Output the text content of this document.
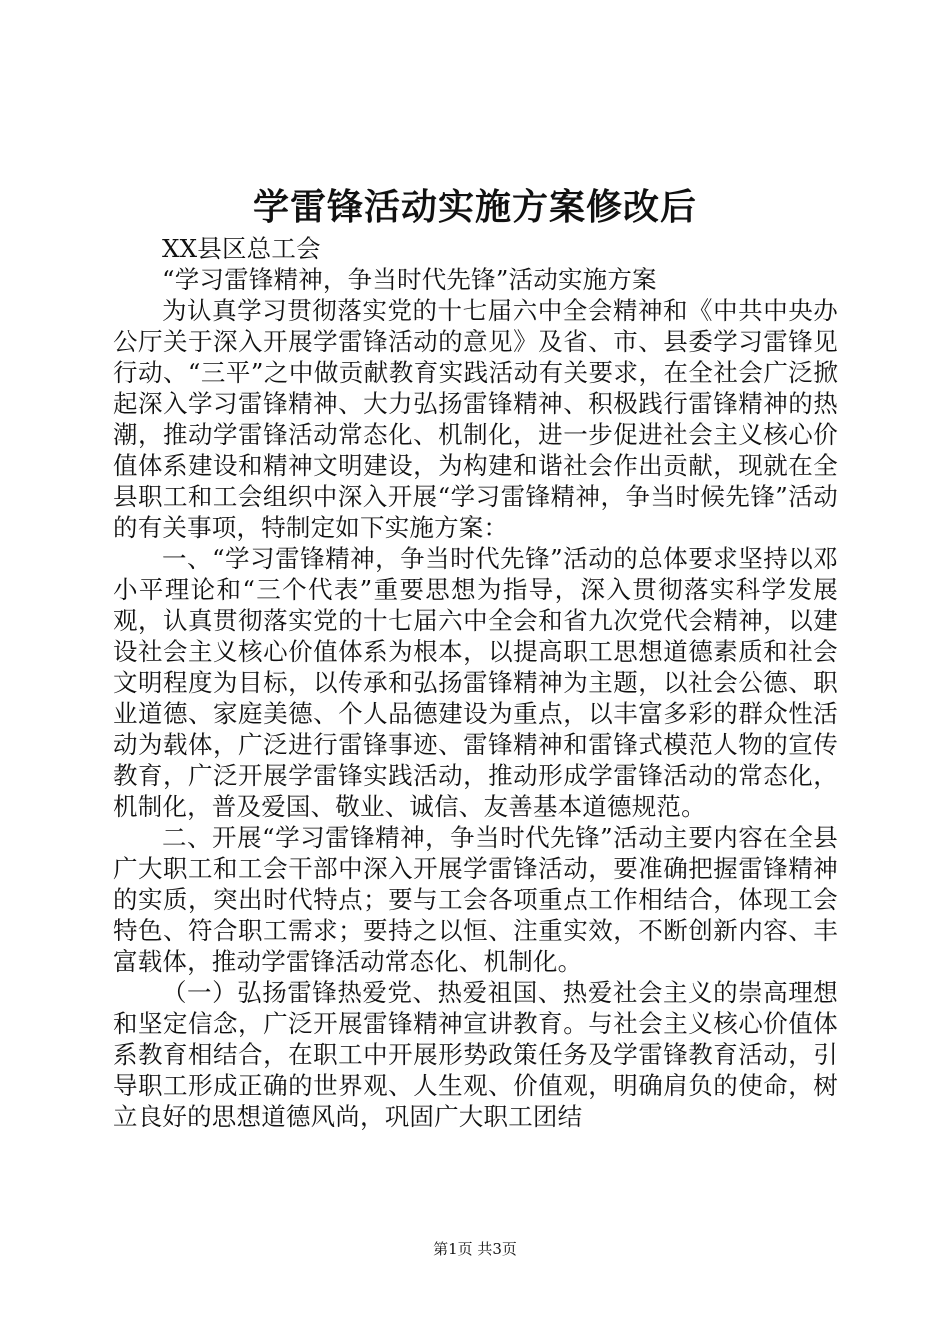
学雷锋活动实施方案修改后

XX县区总工会

“学习雷锋精神，争当时代先锋”活动实施方案

为认真学习贯彻落实党的十七届六中全会精神和《中共中央办公厅关于深入开展学雷锋活动的意见》及省、市、县委学习雷锋见行动、“三平”之中做贡献教育实践活动有关要求，在全社会广泛掀起深入学习雷锋精神、大力弘扬雷锋精神、积极践行雷锋精神的热潮，推动学雷锋活动常态化、机制化，进一步促进社会主义核心价值体系建设和精神文明建设，为构建和谐社会作出贡献，现就在全县职工和工会组织中深入开展“学习雷锋精神，争当时候先锋”活动的有关事项，特制定如下实施方案：

一、“学习雷锋精神，争当时代先锋”活动的总体要求坚持以邓小平理论和“三个代表”重要思想为指导，深入贯彻落实科学发展观，认真贯彻落实党的十七届六中全会和省九次党代会精神，以建设社会主义核心价值体系为根本，以提高职工思想道德素质和社会文明程度为目标，以传承和弘扬雷锋精神为主题，以社会公德、职业道德、家庭美德、个人品德建设为重点，以丰富多彩的群众性活动为载体，广泛进行雷锋事迹、雷锋精神和雷锋式模范人物的宣传教育，广泛开展学雷锋实践活动，推动形成学雷锋活动的常态化，机制化，普及爱国、敬业、诚信、友善基本道德规范。

二、开展“学习雷锋精神，争当时代先锋”活动主要内容在全县广大职工和工会干部中深入开展学雷锋活动，要准确把握雷锋精神的实质，突出时代特点；要与工会各项重点工作相结合，体现工会特色、符合职工需求；要持之以恒、注重实效，不断创新内容、丰富载体，推动学雷锋活动常态化、机制化。

（一）弘扬雷锋热爱党、热爱祖国、热爱社会主义的崇高理想和坚定信念，广泛开展雷锋精神宣讲教育。与社会主义核心价值体系教育相结合，在职工中开展形势政策任务及学雷锋教育活动，引导职工形成正确的世界观、人生观、价值观，明确肩负的使命，树立良好的思想道德风尚，巩固广大职工团结

第1页 共3页
